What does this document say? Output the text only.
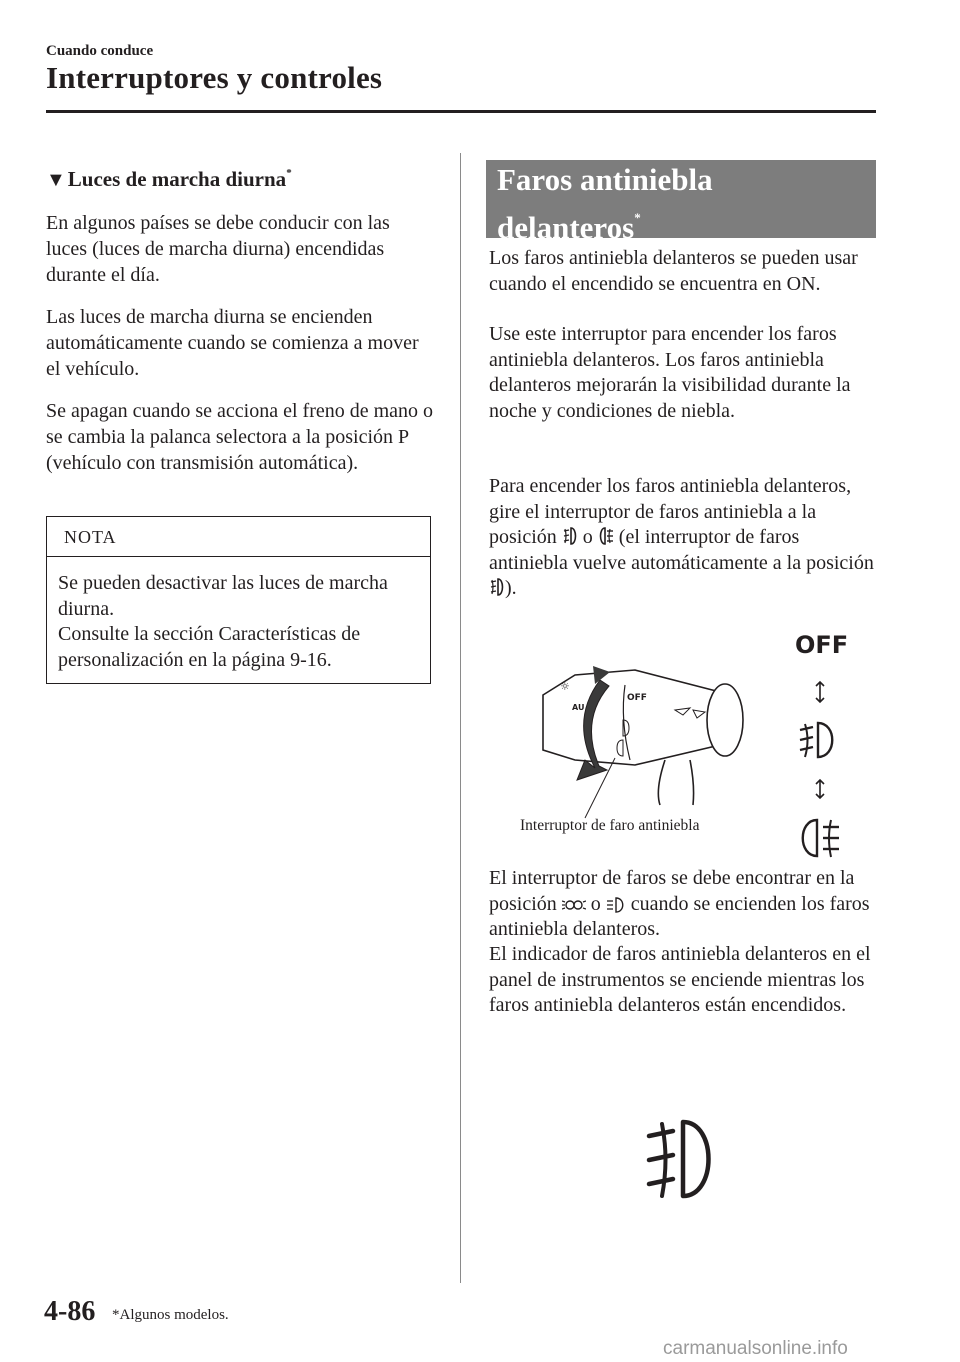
Cuando conduce
Interruptores y controles
▼Luces de marcha diurna*

En algunos países se debe conducir con las luces (luces de marcha diurna) encendidas durante el día.

Las luces de marcha diurna se encienden automáticamente cuando se comienza a mover el vehículo.

Se apagan cuando se acciona el freno de mano o se cambia la palanca selectora a la posición P (vehículo con transmisión automática).

NOTA
Se pueden desactivar las luces de marcha diurna.
Consulte la sección Características de personalización en la página 9-16.
Faros antiniebla
delanteros*
Los faros antiniebla delanteros se pueden usar cuando el encendido se encuentra en ON.
Use este interruptor para encender los faros antiniebla delanteros. Los faros antiniebla delanteros mejorarán la visibilidad durante la noche y condiciones de niebla.
Para encender los faros antiniebla delanteros, gire el interruptor de faros antiniebla a la posición o (el interruptor de faros antiniebla vuelve automáticamente a la posición ).
OFF
☼
AU
OFF
Interruptor de faro antiniebla
El interruptor de faros se debe encontrar en la posición o cuando se encienden los faros antiniebla delanteros.
El indicador de faros antiniebla delanteros en el panel de instrumentos se enciende mientras los faros antiniebla delanteros están encendidos.
4-86 *Algunos modelos.
carmanualsonline.info
